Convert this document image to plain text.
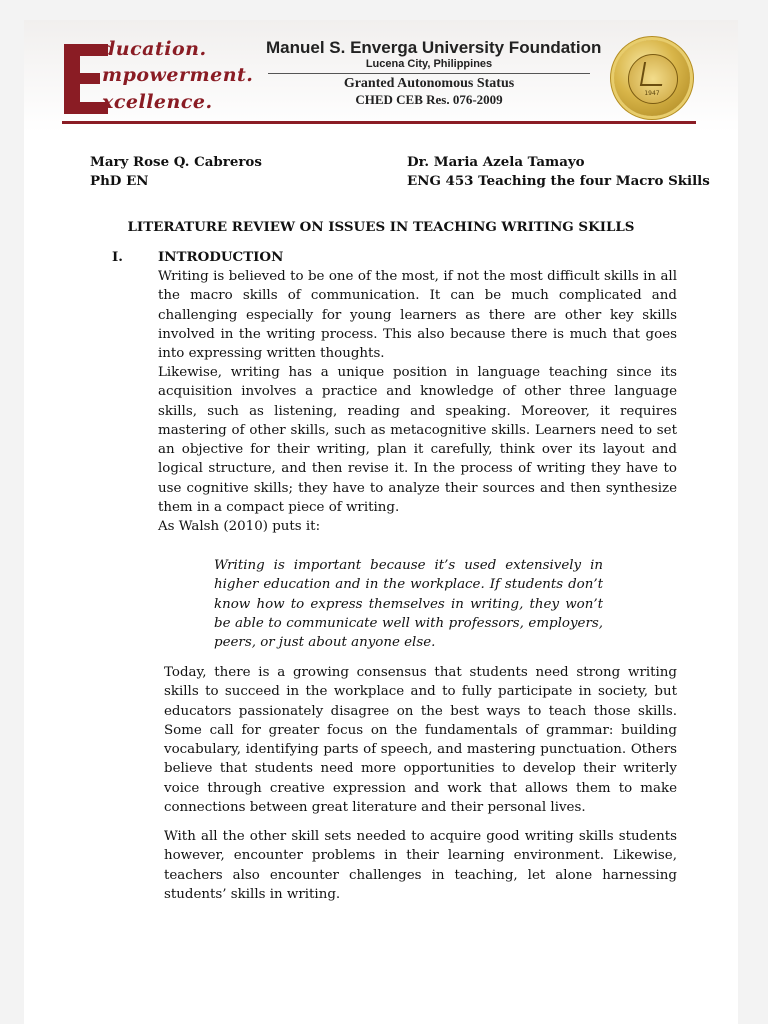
ducation.
mpowerment.
xcellence.
Manuel S. Enverga University Foundation
Lucena City, Philippines
Granted Autonomous Status
CHED CEB Res. 076-2009	1947
Mary Rose Q. Cabreros
PhD EN
Dr. Maria Azela Tamayo
ENG 453 Teaching the four Macro Skills
LITERATURE REVIEW ON ISSUES IN TEACHING WRITING SKILLS
I.	INTRODUCTION
Writing is believed to be one of the most, if not the most difficult skills in all the macro skills of communication. It can be much complicated and challenging especially for young learners as there are other key skills involved in the writing process. This also because there is much that goes into expressing written thoughts.
Likewise, writing has a unique position in language teaching since its acquisition involves a practice and knowledge of other three language skills, such as listening, reading and speaking. Moreover, it requires mastering of other skills, such as metacognitive skills. Learners need to set an objective for their writing, plan it carefully, think over its layout and logical structure, and then revise it. In the process of writing they have to use cognitive skills; they have to analyze their sources and then synthesize them in a compact piece of writing.
As Walsh (2010) puts it:
Writing is important because it’s used extensively in higher education and in the workplace. If students don’t know how to express themselves in writing, they won’t be able to communicate well with professors, employers, peers, or just about anyone else.
Today, there is a growing consensus that students need strong writing skills to succeed in the workplace and to fully participate in society, but educators passionately disagree on the best ways to teach those skills. Some call for greater focus on the fundamentals of grammar: building vocabulary, identifying parts of speech, and mastering punctuation. Others believe that students need more opportunities to develop their writerly voice through creative expression and work that allows them to make connections between great literature and their personal lives.
With all the other skill sets needed to acquire good writing skills students however, encounter problems in their learning environment. Likewise, teachers also encounter challenges in teaching, let alone harnessing students’ skills in writing.
